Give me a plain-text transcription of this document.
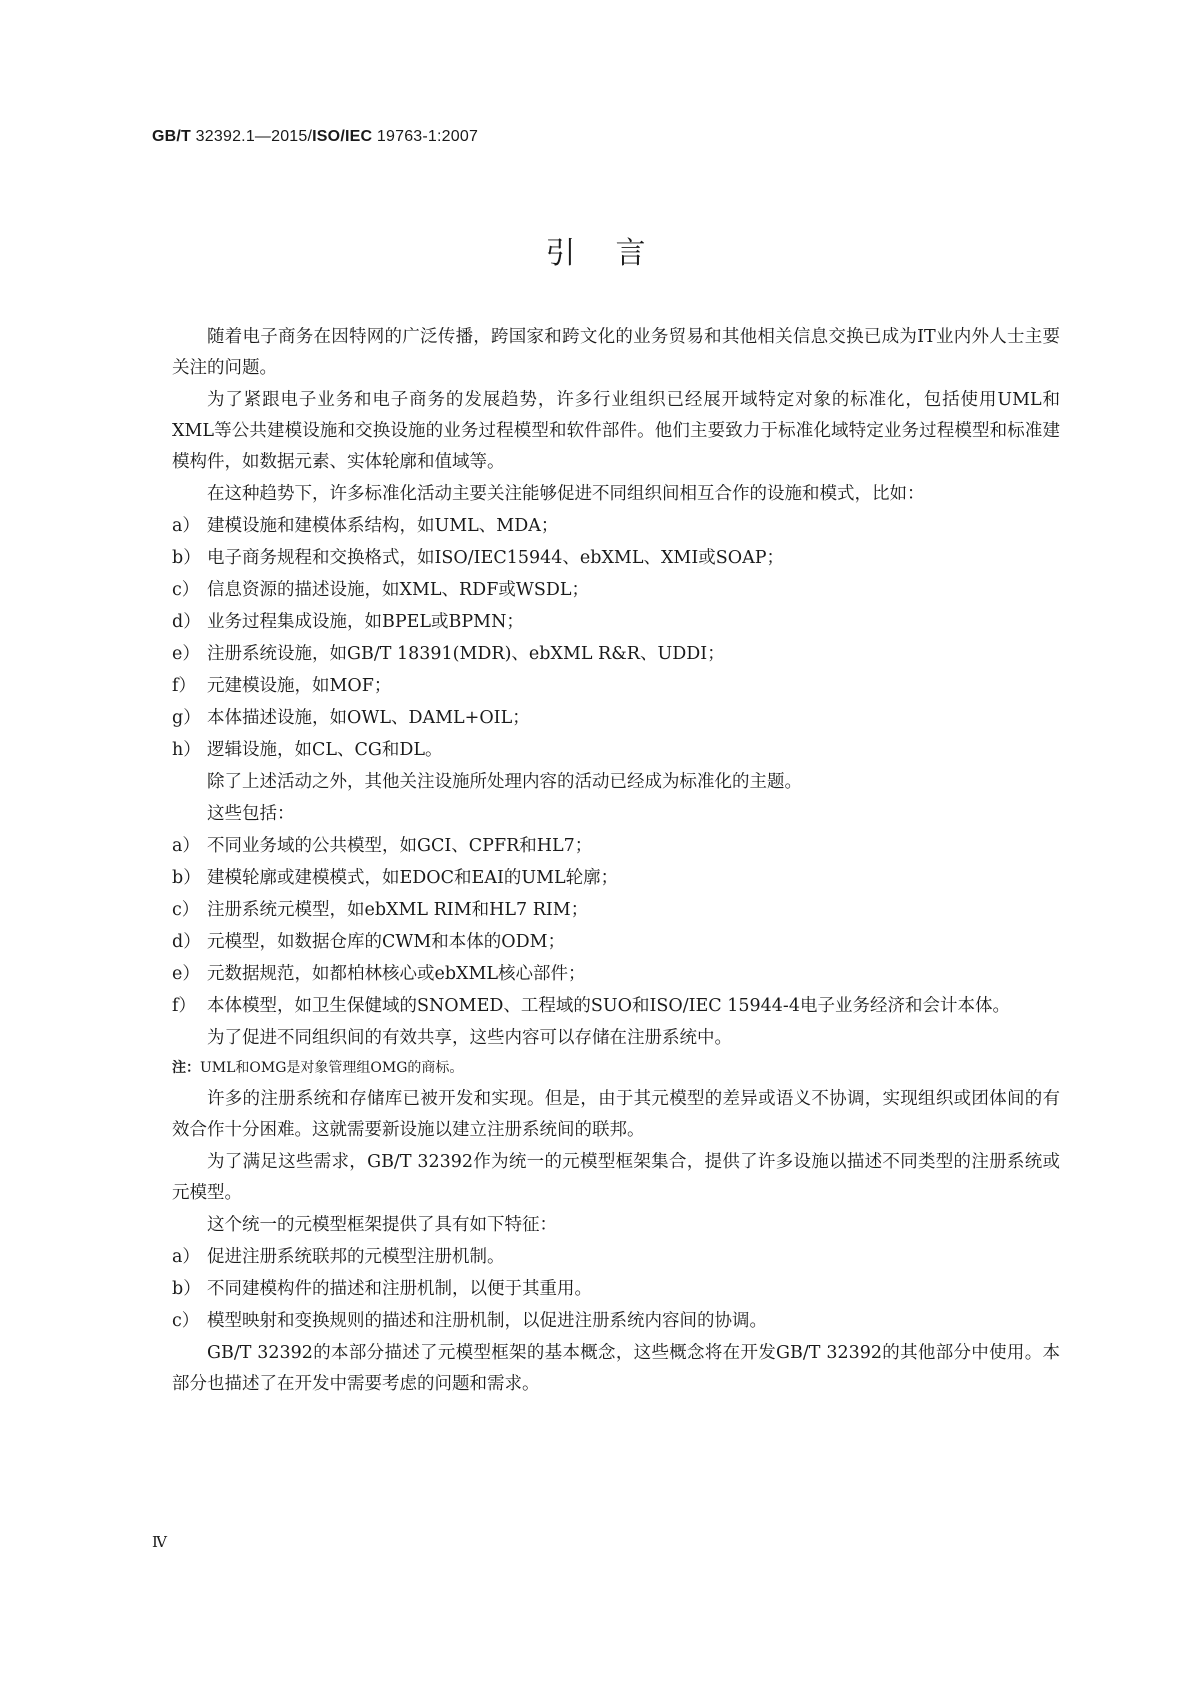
GB/T 32392.1—2015/ISO/IEC 19763-1:2007
引言

随着电子商务在因特网的广泛传播，跨国家和跨文化的业务贸易和其他相关信息交换已成为IT业内外人士主要关注的问题。

为了紧跟电子业务和电子商务的发展趋势，许多行业组织已经展开域特定对象的标准化，包括使用UML和XML等公共建模设施和交换设施的业务过程模型和软件部件。他们主要致力于标准化域特定业务过程模型和标准建模构件，如数据元素、实体轮廓和值域等。

在这种趋势下，许多标准化活动主要关注能够促进不同组织间相互合作的设施和模式，比如：

a） 建模设施和建模体系结构，如UML、MDA；
b） 电子商务规程和交换格式，如ISO/IEC15944、ebXML、XMI或SOAP；
c） 信息资源的描述设施，如XML、RDF或WSDL；
d） 业务过程集成设施，如BPEL或BPMN；
e） 注册系统设施，如GB/T 18391(MDR)、ebXML R&R、UDDI；
f） 元建模设施，如MOF；
g） 本体描述设施，如OWL、DAML+OIL；
h） 逻辑设施，如CL、CG和DL。

除了上述活动之外，其他关注设施所处理内容的活动已经成为标准化的主题。

这些包括：

a） 不同业务域的公共模型，如GCI、CPFR和HL7；
b） 建模轮廓或建模模式，如EDOC和EAI的UML轮廓；
c） 注册系统元模型，如ebXML RIM和HL7 RIM；
d） 元模型，如数据仓库的CWM和本体的ODM；
e） 元数据规范，如都柏林核心或ebXML核心部件；
f） 本体模型，如卫生保健域的SNOMED、工程域的SUO和ISO/IEC 15944-4电子业务经济和会计本体。

为了促进不同组织间的有效共享，这些内容可以存储在注册系统中。

注：UML和OMG是对象管理组OMG的商标。

许多的注册系统和存储库已被开发和实现。但是，由于其元模型的差异或语义不协调，实现组织或团体间的有效合作十分困难。这就需要新设施以建立注册系统间的联邦。

为了满足这些需求，GB/T 32392作为统一的元模型框架集合，提供了许多设施以描述不同类型的注册系统或元模型。

这个统一的元模型框架提供了具有如下特征：

a） 促进注册系统联邦的元模型注册机制。
b） 不同建模构件的描述和注册机制，以便于其重用。
c） 模型映射和变换规则的描述和注册机制，以促进注册系统内容间的协调。

GB/T 32392的本部分描述了元模型框架的基本概念，这些概念将在开发GB/T 32392的其他部分中使用。本部分也描述了在开发中需要考虑的问题和需求。

Ⅳ
